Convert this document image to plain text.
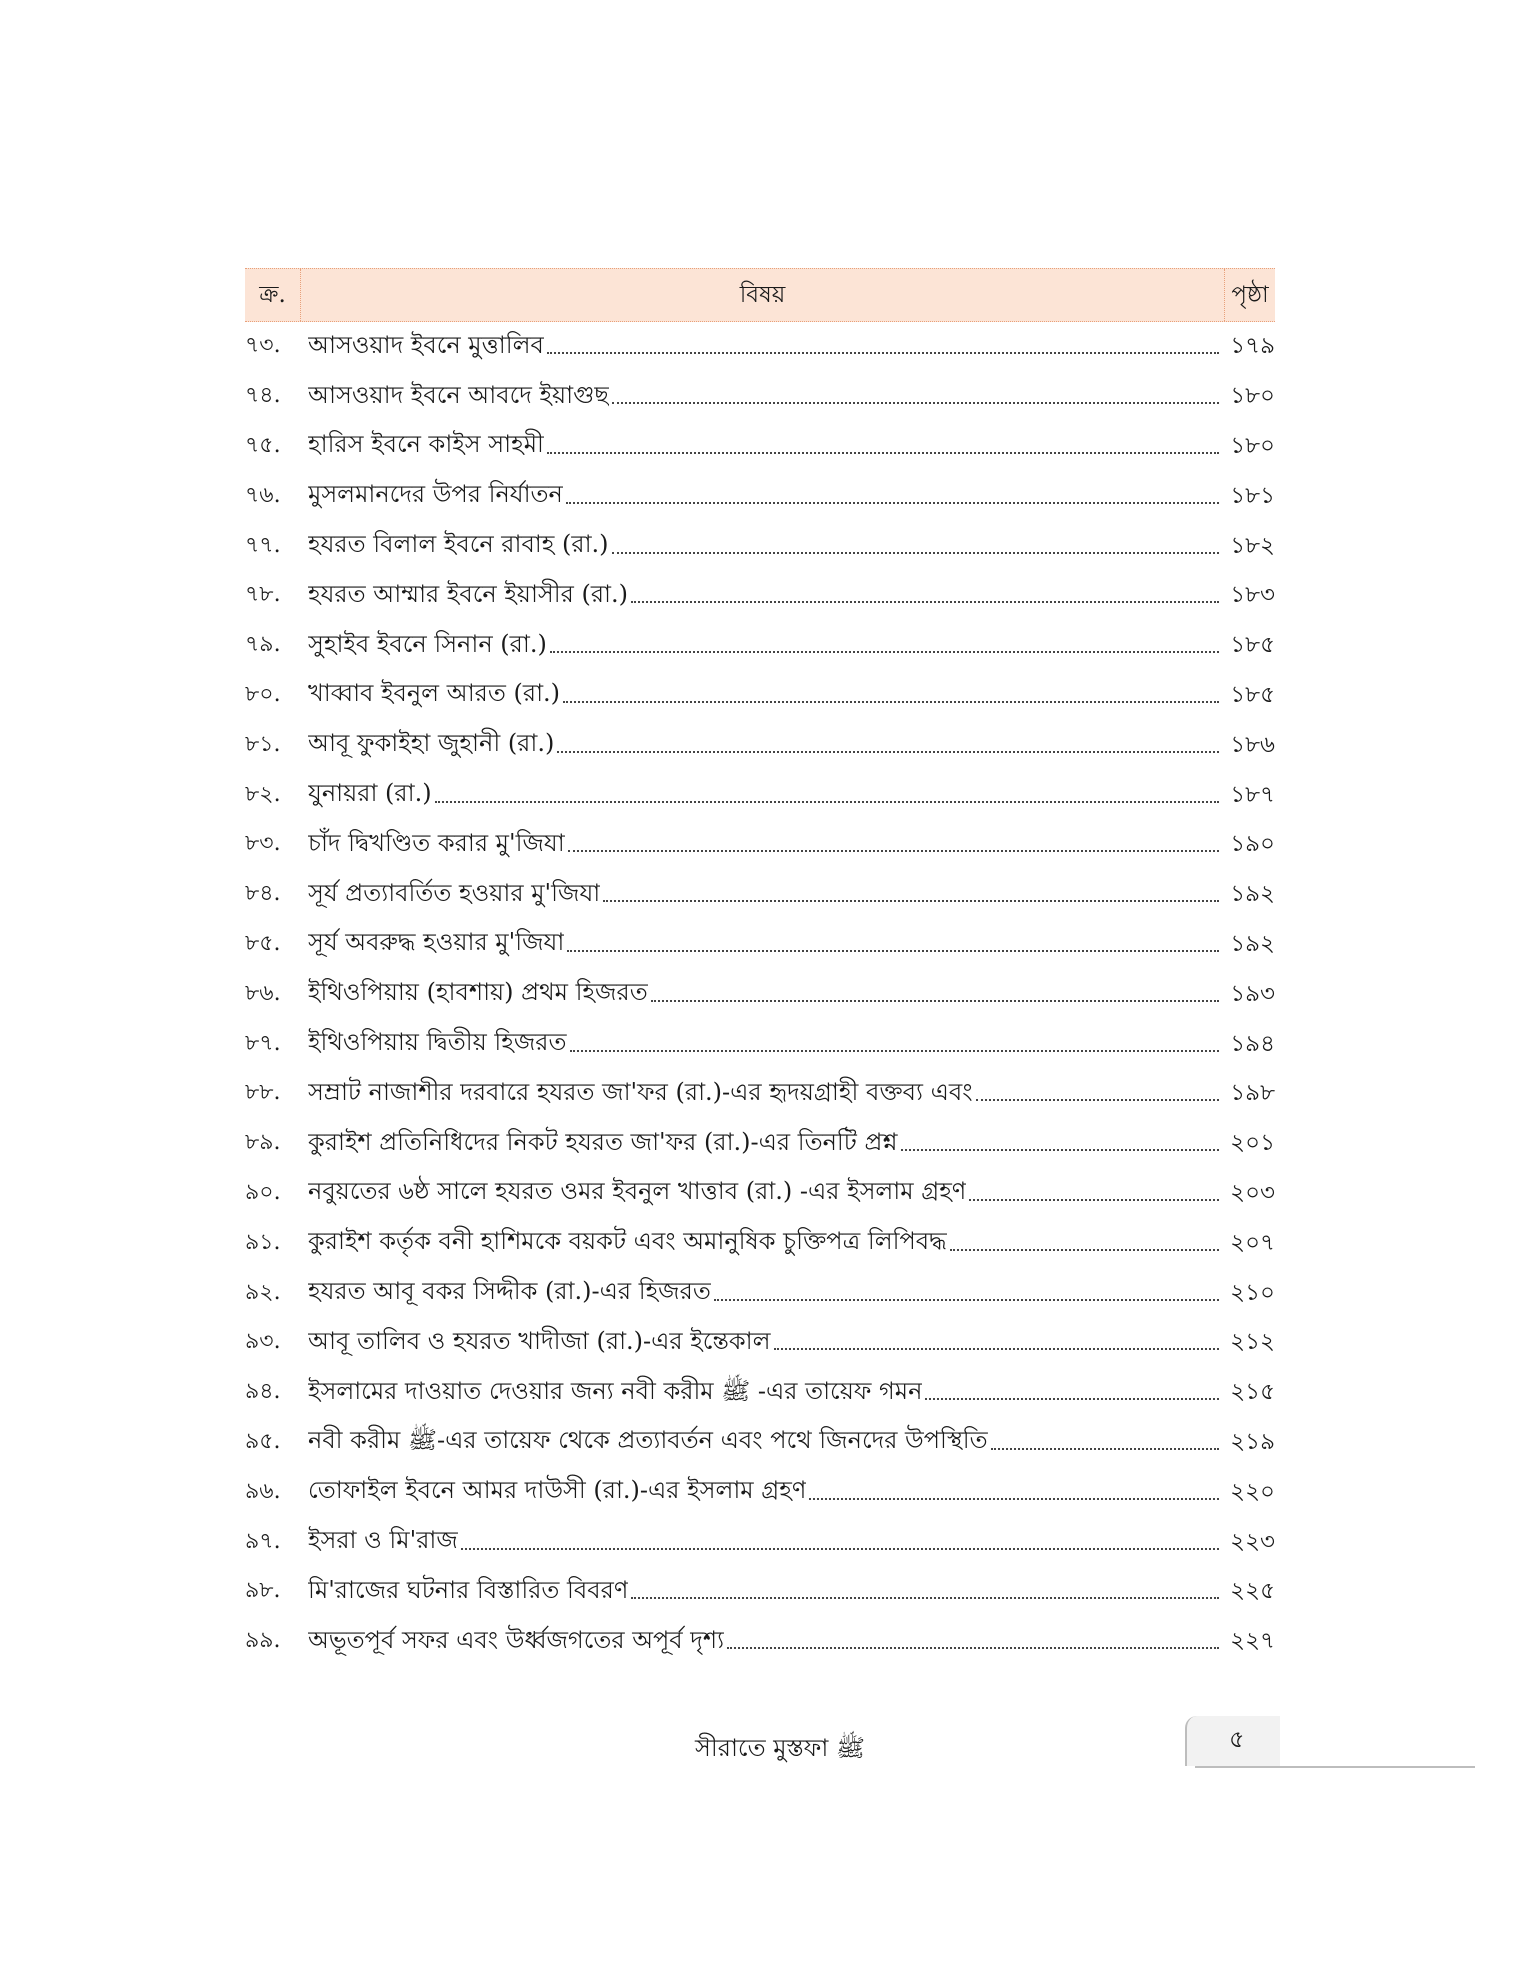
ক্র.	বিষয়	পৃষ্ঠা
৭৩.	আসওয়াদ ইবনে মুত্তালিব	১৭৯
৭৪.	আসওয়াদ ইবনে আবদে ইয়াগুছ	১৮০
৭৫.	হারিস ইবনে কাইস সাহমী	১৮০
৭৬.	মুসলমানদের উপর নির্যাতন	১৮১
৭৭.	হযরত বিলাল ইবনে রাবাহ (রা.)	১৮২
৭৮.	হযরত আম্মার ইবনে ইয়াসীর (রা.)	১৮৩
৭৯.	সুহাইব ইবনে সিনান (রা.)	১৮৫
৮০.	খাব্বাব ইবনুল আরত (রা.)	১৮৫
৮১.	আবূ ফুকাইহা জুহানী (রা.)	১৮৬
৮২.	যুনায়রা (রা.)	১৮৭
৮৩.	চাঁদ দ্বিখণ্ডিত করার মু'জিযা	১৯০
৮৪.	সূর্য প্রত্যাবর্তিত হওয়ার মু'জিযা	১৯২
৮৫.	সূর্য অবরুদ্ধ হওয়ার মু'জিযা	১৯২
৮৬.	ইথিওপিয়ায় (হাবশায়) প্রথম হিজরত	১৯৩
৮৭.	ইথিওপিয়ায় দ্বিতীয় হিজরত	১৯৪
৮৮.	সম্রাট নাজাশীর দরবারে হযরত জা'ফর (রা.)-এর হৃদয়গ্রাহী বক্তব্য এবং	১৯৮
৮৯.	কুরাইশ প্রতিনিধিদের নিকট হযরত জা'ফর (রা.)-এর তিনটি প্রশ্ন	২০১
৯০.	নবুয়তের ৬ষ্ঠ সালে হযরত ওমর ইবনুল খাত্তাব (রা.) -এর ইসলাম গ্রহণ	২০৩
৯১.	কুরাইশ কর্তৃক বনী হাশিমকে বয়কট এবং অমানুষিক চুক্তিপত্র লিপিবদ্ধ	২০৭
৯২.	হযরত আবূ বকর সিদ্দীক (রা.)-এর হিজরত	২১০
৯৩.	আবূ তালিব ও হযরত খাদীজা (রা.)-এর ইন্তেকাল	২১২
৯৪.	ইসলামের দাওয়াত দেওয়ার জন্য নবী করীম ﷺ -এর তায়েফ গমন	২১৫
৯৫.	নবী করীম ﷺ-এর তায়েফ থেকে প্রত্যাবর্তন এবং পথে জিনদের উপস্থিতি	২১৯
৯৬.	তোফাইল ইবনে আমর দাউসী (রা.)-এর ইসলাম গ্রহণ	২২০
৯৭.	ইসরা ও মি'রাজ	২২৩
৯৮.	মি'রাজের ঘটনার বিস্তারিত বিবরণ	২২৫
৯৯.	অভূতপূর্ব সফর এবং উর্ধ্বজগতের অপূর্ব দৃশ্য	২২৭
সীরাতে মুস্তফা ﷺ	৫
